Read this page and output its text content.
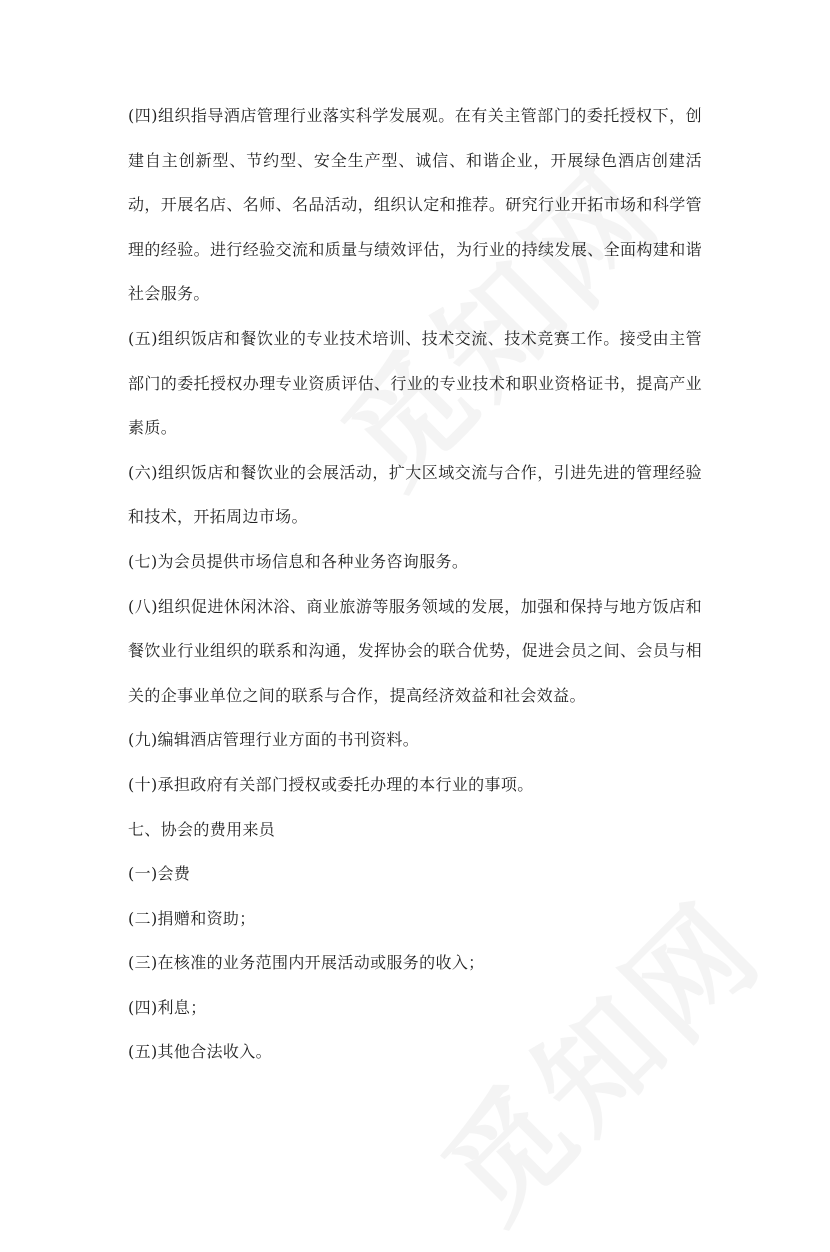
(四)组织指导酒店管理行业落实科学发展观。在有关主管部门的委托授权下，创建自主创新型、节约型、安全生产型、诚信、和谐企业，开展绿色酒店创建活动，开展名店、名师、名品活动，组织认定和推荐。研究行业开拓市场和科学管理的经验。进行经验交流和质量与绩效评估，为行业的持续发展、全面构建和谐社会服务。

(五)组织饭店和餐饮业的专业技术培训、技术交流、技术竞赛工作。接受由主管部门的委托授权办理专业资质评估、行业的专业技术和职业资格证书，提高产业素质。

(六)组织饭店和餐饮业的会展活动，扩大区域交流与合作，引进先进的管理经验和技术，开拓周边市场。

(七)为会员提供市场信息和各种业务咨询服务。

(八)组织促进休闲沐浴、商业旅游等服务领域的发展，加强和保持与地方饭店和餐饮业行业组织的联系和沟通，发挥协会的联合优势，促进会员之间、会员与相关的企事业单位之间的联系与合作，提高经济效益和社会效益。

(九)编辑酒店管理行业方面的书刊资料。

(十)承担政府有关部门授权或委托办理的本行业的事项。

七、协会的费用来员

(一)会费

(二)捐赠和资助；

(三)在核准的业务范围内开展活动或服务的收入；

(四)利息；

(五)其他合法收入。
